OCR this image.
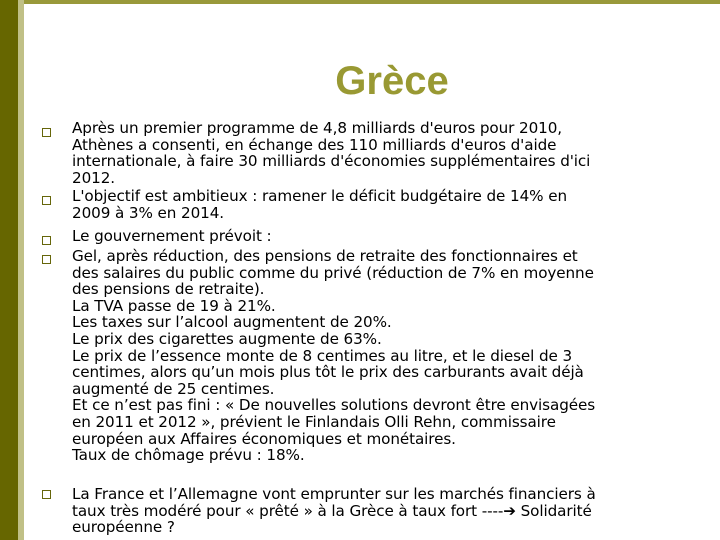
Grèce
Après un premier programme de 4,8 milliards d'euros pour 2010,
Athènes a consenti, en échange des 110 milliards d'euros d'aide
internationale, à faire 30 milliards d'économies supplémentaires d'ici
2012.
L'objectif est ambitieux : ramener le déficit budgétaire de 14% en
2009 à 3% en 2014.
Le gouvernement prévoit :
Gel, après réduction, des pensions de retraite des fonctionnaires et
des salaires du public comme du privé (réduction de 7% en moyenne
des pensions de retraite).
La TVA passe de 19 à 21%.
Les taxes sur l’alcool augmentent de 20%.
Le prix des cigarettes augmente de 63%.
Le prix de l’essence monte de 8 centimes au litre, et le diesel de 3
centimes, alors qu’un mois plus tôt le prix des carburants avait déjà
augmenté de 25 centimes.
Et ce n’est pas fini : « De nouvelles solutions devront être envisagées
en 2011 et 2012 », prévient le Finlandais Olli Rehn, commissaire
européen aux Affaires économiques et monétaires.
Taux de chômage prévu : 18%.
La France et l’Allemagne vont emprunter sur les marchés financiers à
taux très modéré pour « prêté » à la Grèce à taux fort ----➔ Solidarité
européenne ?
